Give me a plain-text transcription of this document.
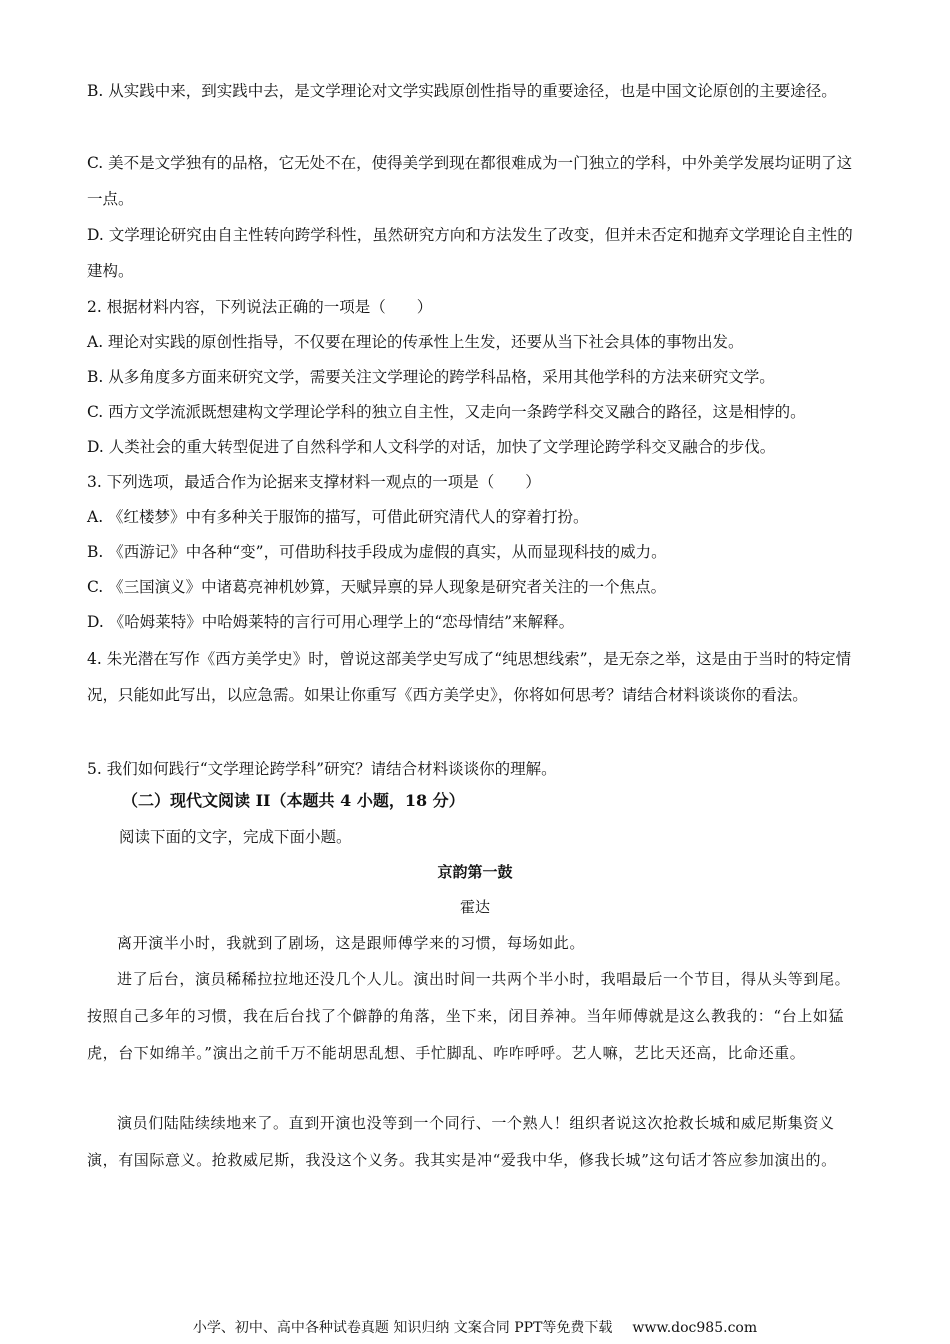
B. 从实践中来，到实践中去，是文学理论对文学实践原创性指导的重要途径，也是中国文论原创的主要途径。

C. 美不是文学独有的品格，它无处不在，使得美学到现在都很难成为一门独立的学科，中外美学发展均证明了这一点。

D. 文学理论研究由自主性转向跨学科性，虽然研究方向和方法发生了改变，但并未否定和抛弃文学理论自主性的建构。

2. 根据材料内容，下列说法正确的一项是（　　）

A. 理论对实践的原创性指导，不仅要在理论的传承性上生发，还要从当下社会具体的事物出发。

B. 从多角度多方面来研究文学，需要关注文学理论的跨学科品格，采用其他学科的方法来研究文学。

C. 西方文学流派既想建构文学理论学科的独立自主性，又走向一条跨学科交叉融合的路径，这是相悖的。

D. 人类社会的重大转型促进了自然科学和人文科学的对话，加快了文学理论跨学科交叉融合的步伐。

3. 下列选项，最适合作为论据来支撑材料一观点的一项是（　　）

A. 《红楼梦》中有多种关于服饰的描写，可借此研究清代人的穿着打扮。

B. 《西游记》中各种“变”，可借助科技手段成为虚假的真实，从而显现科技的威力。

C. 《三国演义》中诸葛亮神机妙算，天赋异禀的异人现象是研究者关注的一个焦点。

D. 《哈姆莱特》中哈姆莱特的言行可用心理学上的“恋母情结”来解释。

4. 朱光潜在写作《西方美学史》时，曾说这部美学史写成了“纯思想线索”，是无奈之举，这是由于当时的特定情况，只能如此写出，以应急需。如果让你重写《西方美学史》，你将如何思考？请结合材料谈谈你的看法。

5. 我们如何践行“文学理论跨学科”研究？请结合材料谈谈你的理解。

（二）现代文阅读 II（本题共 4 小题，18 分）

阅读下面的文字，完成下面小题。

京韵第一鼓

霍达

离开演半小时，我就到了剧场，这是跟师傅学来的习惯，每场如此。

进了后台，演员稀稀拉拉地还没几个人儿。演出时间一共两个半小时，我唱最后一个节目，得从头等到尾。按照自己多年的习惯，我在后台找了个僻静的角落，坐下来，闭目养神。当年师傅就是这么教我的：“台上如猛虎，台下如绵羊。”演出之前千万不能胡思乱想、手忙脚乱、咋咋呼呼。艺人嘛，艺比天还高，比命还重。

演员们陆陆续续地来了。直到开演也没等到一个同行、一个熟人！组织者说这次抢救长城和威尼斯集资义演，有国际意义。抢救威尼斯，我没这个义务。我其实是冲“爱我中华，修我长城”这句话才答应参加演出的。

小学、初中、高中各种试卷真题 知识归纳 文案合同 PPT等免费下载 www.doc985.com
